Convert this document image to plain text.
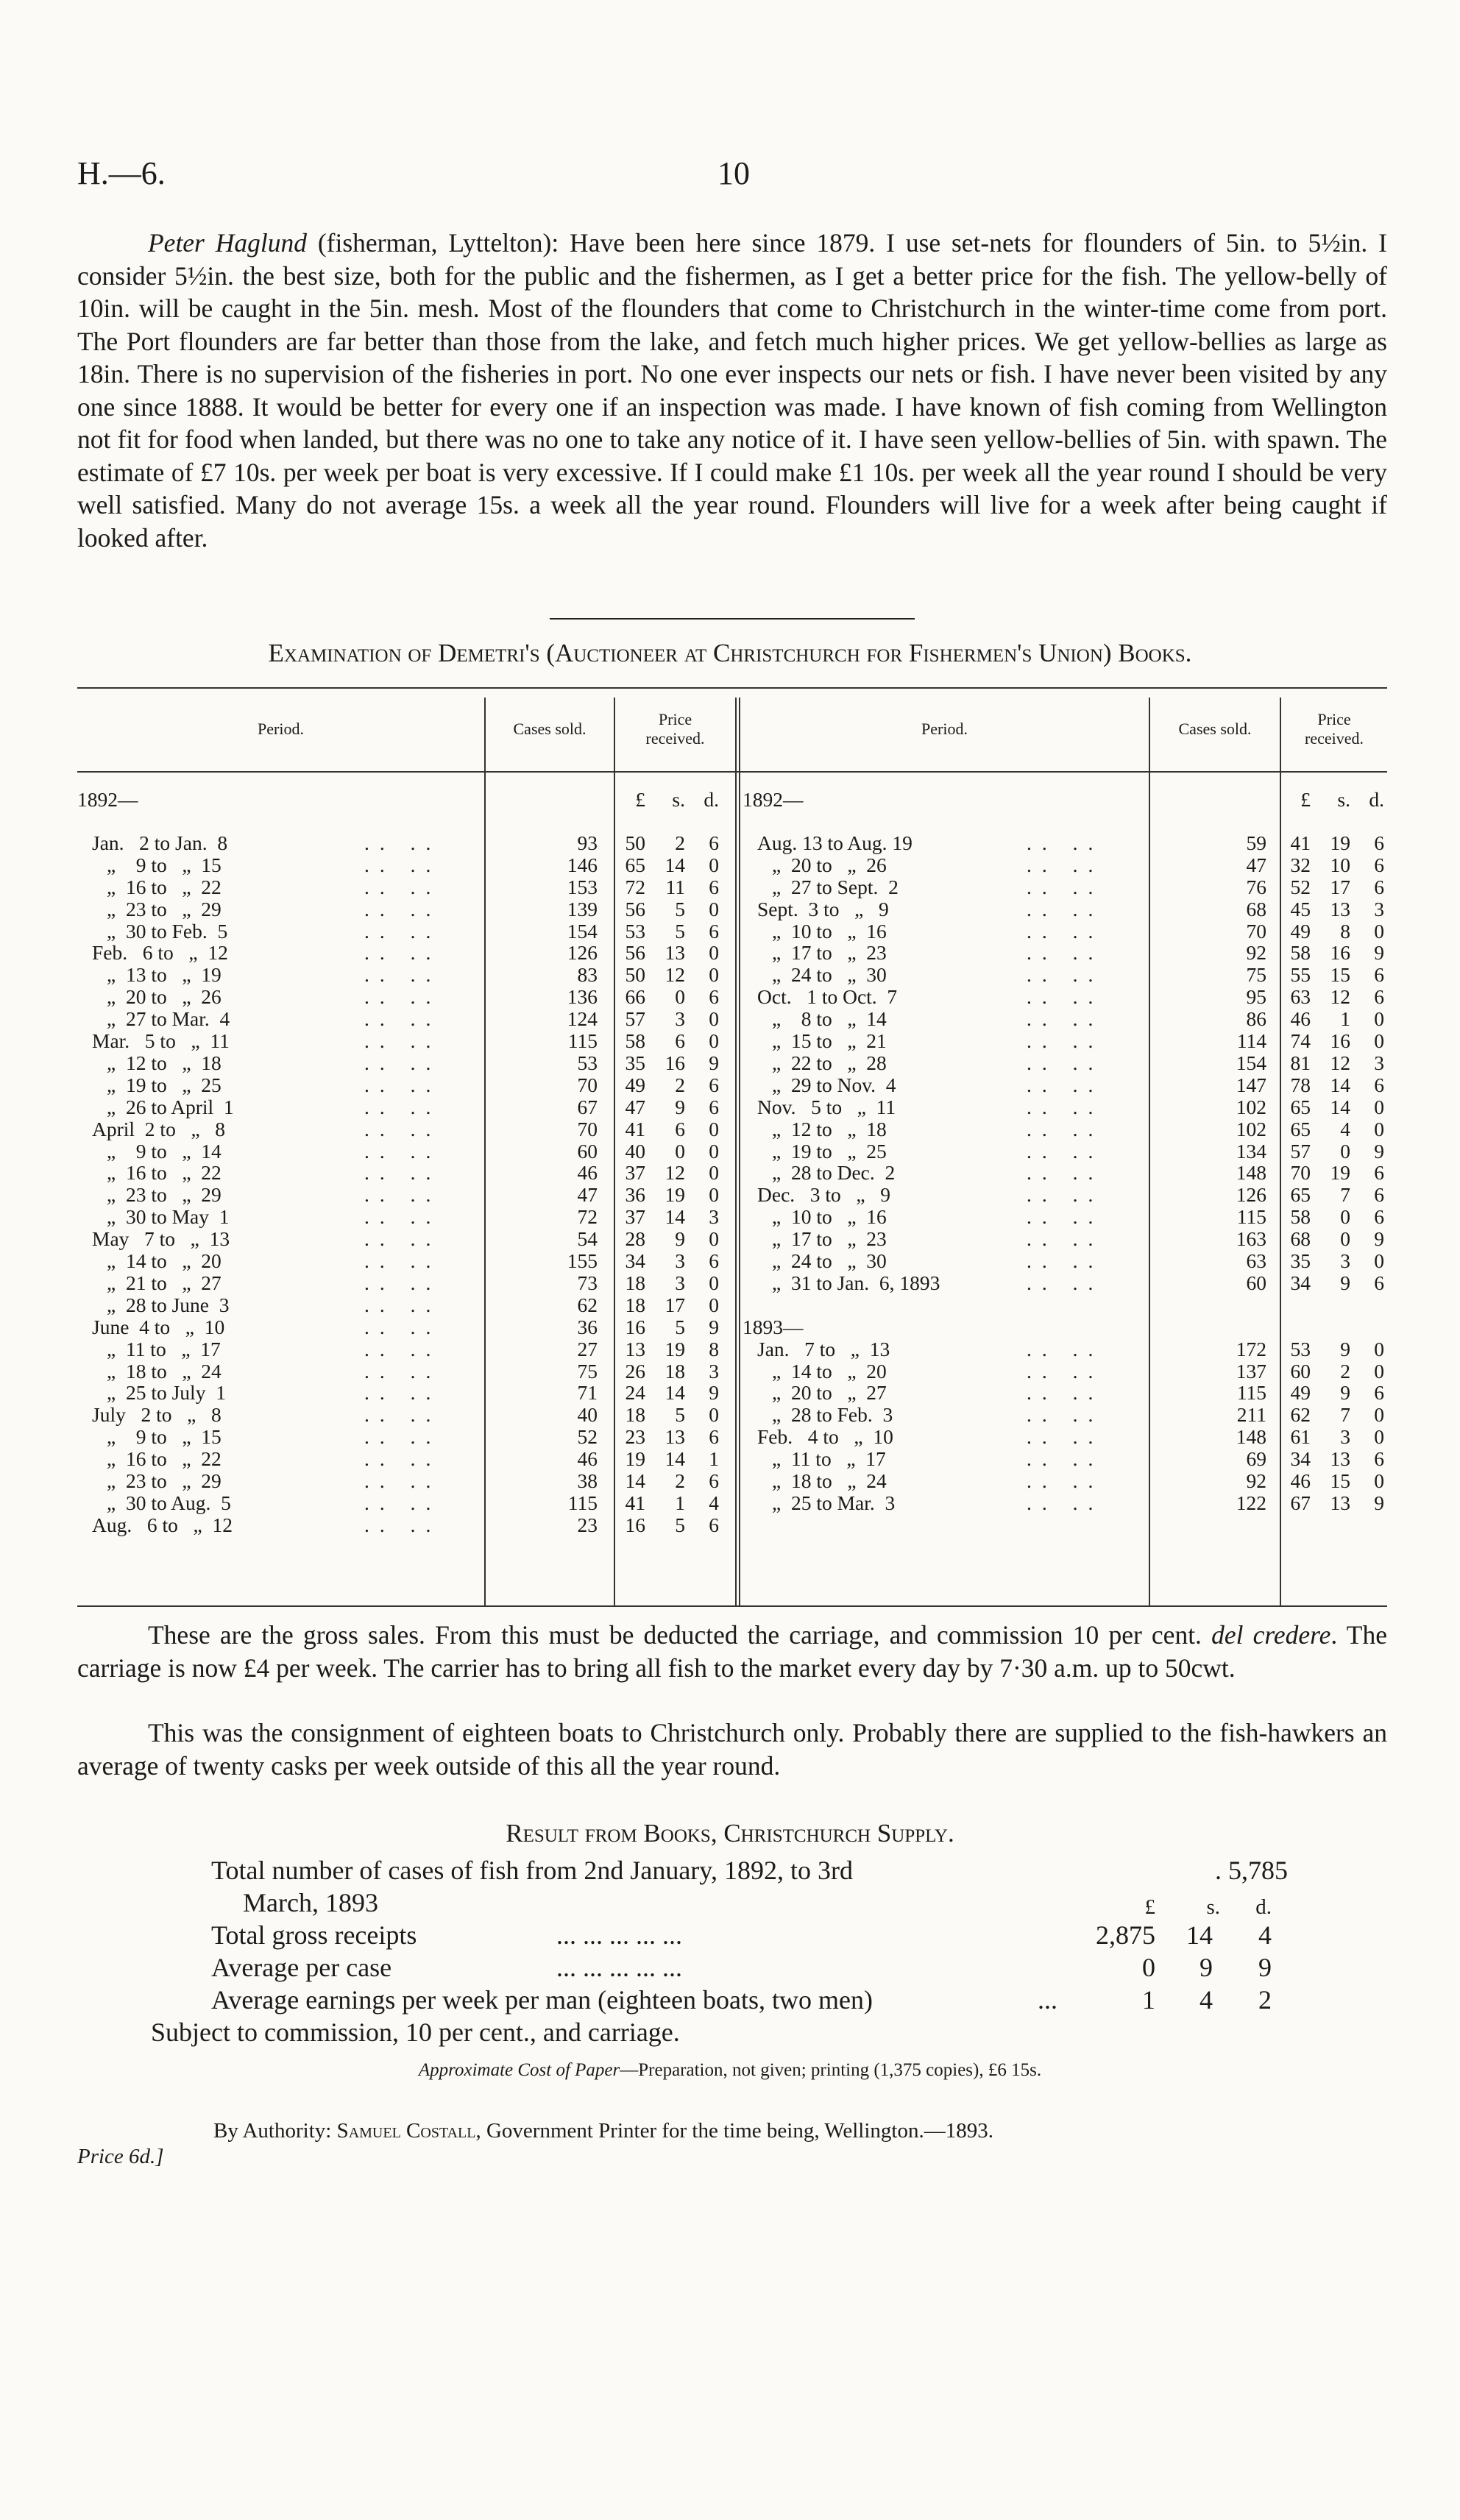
H.—6.	10
Peter Haglund (fisherman, Lyttelton): Have been here since 1879. I use set-nets for flounders of 5in. to 5½in. I consider 5½in. the best size, both for the public and the fishermen, as I get a better price for the fish. The yellow-belly of 10in. will be caught in the 5in. mesh. Most of the flounders that come to Christchurch in the winter-time come from port. The Port flounders are far better than those from the lake, and fetch much higher prices. We get yellow-bellies as large as 18in. There is no supervision of the fisheries in port. No one ever inspects our nets or fish. I have never been visited by any one since 1888. It would be better for every one if an inspection was made. I have known of fish coming from Wellington not fit for food when landed, but there was no one to take any notice of it. I have seen yellow-bellies of 5in. with spawn. The estimate of £7 10s. per week per boat is very excessive. If I could make £1 10s. per week all the year round I should be very well satisfied. Many do not average 15s. a week all the year round. Flounders will live for a week after being caught if looked after.
Examination of Demetri's (Auctioneer at Christchurch for Fishermen's Union) Books.
Period.	Cases sold.
Price
received.
Period.	Cases sold.
Price
received.
£	s. d.	£	s. d.
1892—
Jan.   2 to Jan.  8	.. ..	93	50	2	6
„    9 to   „  15	.. ..	146	65 14	0
„  16 to   „  22	.. ..	153	72	11	6
„  23 to   „  29	.. ..	139	56	5	0
„  30 to Feb.  5	.. ..	154	53	5	6
Feb.   6 to   „  12	.. ..	126	56 13	0
„  13 to   „  19	.. ..	83	50 12	0
„  20 to   „  26	.. ..	136	66	0	6
„  27 to Mar.  4	.. ..	124	57	3	0
Mar.   5 to   „  11	.. ..	115	58	6	0
„  12 to   „  18	.. ..	53	35 16	9
„  19 to   „  25	.. ..	70	49	2	6
„  26 to April  1	.. ..	67	47	9	6
April  2 to   „   8	.. ..	70	41	6	0
„    9 to   „  14	.. ..	60	40	0	0
„  16 to   „  22	.. ..	46	37 12	0
„  23 to   „  29	.. ..	47	36 19	0
„  30 to May  1	.. ..	72	37 14	3
May   7 to   „  13	.. ..	54	28	9	0
„  14 to   „  20	.. ..	155	34	3	6
„  21 to   „  27	.. ..	73	18	3	0
„  28 to June  3	.. ..	62	18 17	0
June  4 to   „  10	.. ..	36	16	5	9
„  11 to   „  17	.. ..	27	13 19	8
„  18 to   „  24	.. ..	75	26 18	3
„  25 to July  1	.. ..	71	24 14	9
July   2 to   „   8	.. ..	40	18	5	0
„    9 to   „  15	.. ..	52	23 13	6
„  16 to   „  22	.. ..	46	19 14	1
„  23 to   „  29	.. ..	38	14	2	6
„  30 to Aug.  5	.. ..	115	41	1	4
Aug.   6 to   „  12	.. ..	23	16	5	6
1892—
Aug. 13 to Aug. 19	.. ..	59	41 19	6
„  20 to   „  26	.. ..	47	32 10	6
„  27 to Sept.  2	.. ..	76	52 17	6
Sept.  3 to   „   9	.. ..	68	45 13	3
„  10 to   „  16	.. ..	70	49	8	0
„  17 to   „  23	.. ..	92	58 16	9
„  24 to   „  30	.. ..	75	55 15	6
Oct.   1 to Oct.  7	.. ..	95	63 12	6
„    8 to   „  14	.. ..	86	46	1	0
„  15 to   „  21	.. ..	114	74 16	0
„  22 to   „  28	.. ..	154	81 12	3
„  29 to Nov.  4	.. ..	147	78 14	6
Nov.   5 to   „  11	.. ..	102	65 14	0
„  12 to   „  18	.. ..	102	65	4	0
„  19 to   „  25	.. ..	134	57	0	9
„  28 to Dec.  2	.. ..	148	70 19	6
Dec.   3 to   „   9	.. ..	126	65	7	6
„  10 to   „  16	.. ..	115	58	0	6
„  17 to   „  23	.. ..	163	68	0	9
„  24 to   „  30	.. ..	63	35	3	0
„  31 to Jan.  6, 1893	.. ..	60	34	9	6
1893—
Jan.   7 to   „  13	.. ..	172	53	9	0
„  14 to   „  20	.. ..	137	60	2	0
„  20 to   „  27	.. ..	115	49	9	6
„  28 to Feb.  3	.. ..	211	62	7	0
Feb.   4 to   „  10	.. ..	148	61	3	0
„  11 to   „  17	.. ..	69	34 13	6
„  18 to   „  24	.. ..	92	46 15	0
„  25 to Mar.  3	.. ..	122	67 13	9
These are the gross sales. From this must be deducted the carriage, and commission 10 per cent. del credere. The carriage is now £4 per week. The carrier has to bring all fish to the market every day by 7·30 a.m. up to 50cwt.
This was the consignment of eighteen boats to Christchurch only. Probably there are supplied to the fish-hawkers an average of twenty casks per week outside of this all the year round.
Result from Books, Christchurch Supply.
Total number of cases of fish from 2nd January, 1892, to 3rd	. 5,785
March, 1893	£	s.	d.
Total gross receipts	... ... ... ... ...	2,875	14	4
Average per case	... ... ... ... ...	0	9	9
Average earnings per week per man (eighteen boats, two men)	...	1	4	2
Subject to commission, 10 per cent., and carriage.
Approximate Cost of Paper—Preparation, not given; printing (1,375 copies), £6 15s.
By Authority: Samuel Costall, Government Printer for the time being, Wellington.—1893.
Price 6d.]
